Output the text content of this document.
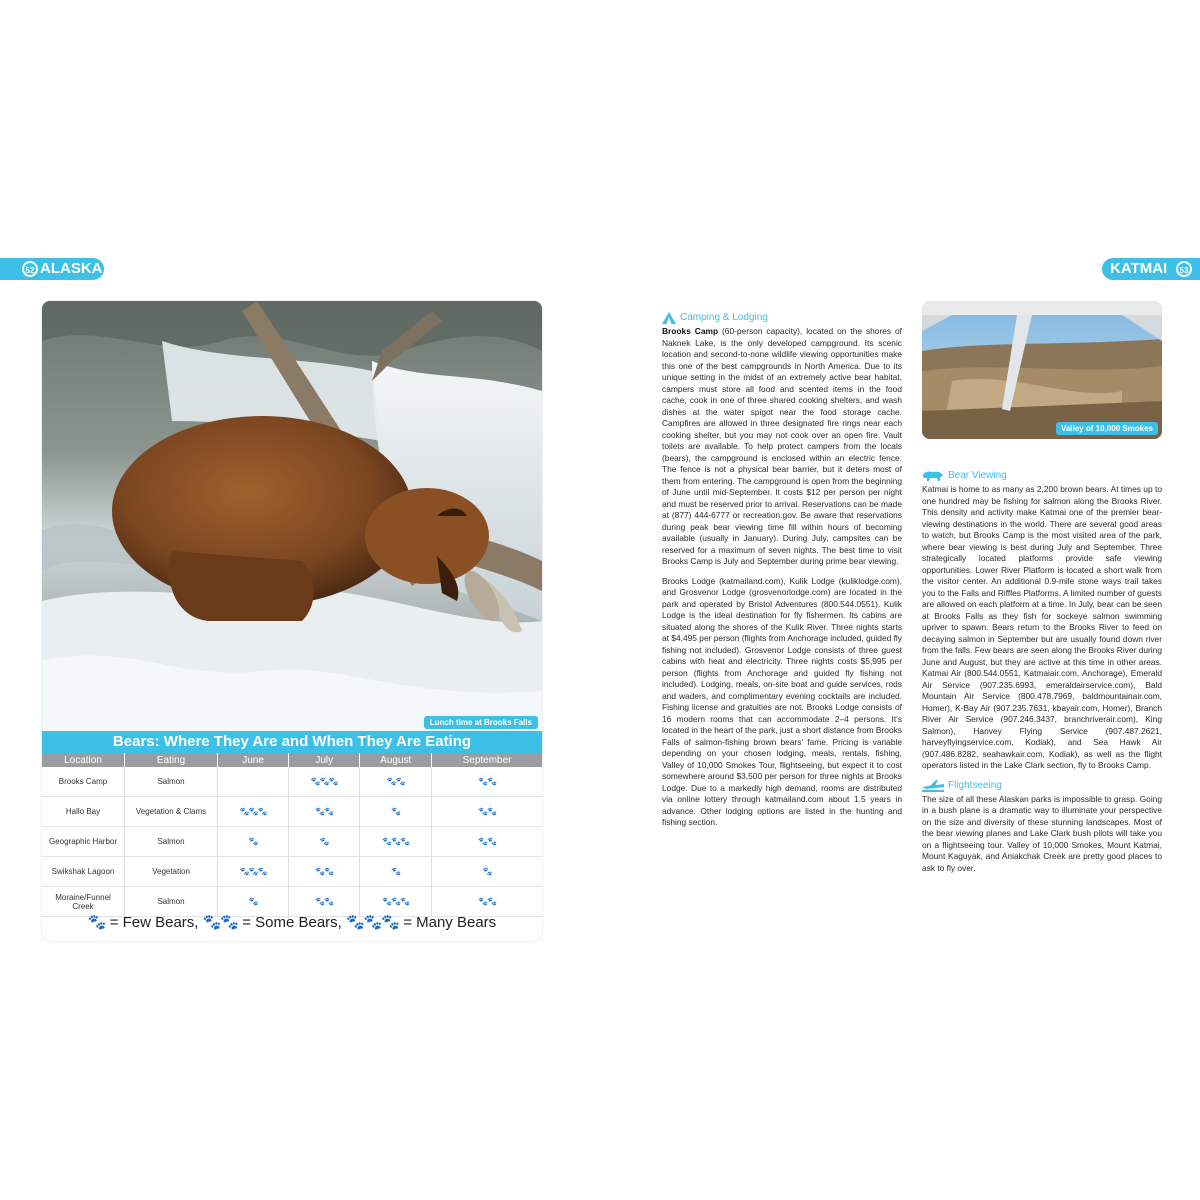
52 ALASKA	KATMAI	53
Lunch time at Brooks Falls
Bears: Where They Are and When They Are Eating
Location	Eating	June	July	August	September
Brooks Camp	Salmon		🐾🐾🐾	🐾🐾	🐾🐾
Hallo Bay	Vegetation & Clams	🐾🐾🐾	🐾🐾	🐾	🐾🐾
Geographic Harbor	Salmon	🐾	🐾	🐾🐾🐾	🐾🐾
Swikshak Lagoon	Vegetation	🐾🐾🐾	🐾🐾	🐾	🐾
Moraine/Funnel Creek	Salmon	🐾	🐾🐾	🐾🐾🐾	🐾🐾
🐾 = Few Bears, 🐾🐾 = Some Bears, 🐾🐾🐾 = Many Bears
Camping & Lodging

Brooks Camp (60-person capacity), located on the shores of Naknek Lake, is the only developed campground. Its scenic location and second-to-none wildlife viewing opportunities make this one of the best campgrounds in North America. Due to its unique setting in the midst of an extremely active bear habitat, campers must store all food and scented items in the food cache, cook in one of three shared cooking shelters, and wash dishes at the water spigot near the food storage cache. Campfires are allowed in three designated fire rings near each cooking shelter, but you may not cook over an open fire. Vault toilets are available. To help protect campers from the locals (bears), the campground is enclosed within an electric fence. The fence is not a physical bear barrier, but it deters most of them from entering. The campground is open from the beginning of June until mid-September. It costs $12 per person per night and must be reserved prior to arrival. Reservations can be made at (877) 444-6777 or recreation.gov. Be aware that reservations during peak bear viewing time fill within hours of becoming available (usually in January). During July, campsites can be reserved for a maximum of seven nights. The best time to visit Brooks Camp is July and September during prime bear viewing.

Brooks Lodge (katmailand.com), Kulik Lodge (kuliklodge.com), and Grosvenor Lodge (grosvenorlodge.com) are located in the park and operated by Bristol Adventures (800.544.0551). Kulik Lodge is the ideal destination for fly fishermen. Its cabins are situated along the shores of the Kulik River. Three nights starts at $4,495 per person (flights from Anchorage included, guided fly fishing not included). Grosvenor Lodge consists of three guest cabins with heat and electricity. Three nights costs $5,995 per person (flights from Anchorage and guided fly fishing not included). Lodging, meals, on-site boat and guide services, rods and waders, and complimentary evening cocktails are included. Fishing license and gratuities are not. Brooks Lodge consists of 16 modern rooms that can accommodate 2–4 persons. It's located in the heart of the park, just a short distance from Brooks Falls of salmon-fishing brown bears' fame. Pricing is variable depending on your chosen lodging, meals, rentals, fishing, Valley of 10,000 Smokes Tour, flightseeing, but expect it to cost somewhere around $3,500 per person for three nights at Brooks Lodge. Due to a markedly high demand, rooms are distributed via online lottery through katmailand.com about 1.5 years in advance. Other lodging options are listed in the hunting and fishing section.

Valley of 10,000 Smokes
Bear Viewing

Katmai is home to as many as 2,200 brown bears. At times up to one hundred may be fishing for salmon along the Brooks River. This density and activity make Katmai one of the premier bear-viewing destinations in the world. There are several good areas to watch, but Brooks Camp is the most visited area of the park, where bear viewing is best during July and September. Three strategically located platforms provide safe viewing opportunities. Lower River Platform is located a short walk from the visitor center. An additional 0.9-mile stone ways trail takes you to the Falls and Riffles Platforms. A limited number of guests are allowed on each platform at a time. In July, bear can be seen at Brooks Falls as they fish for sockeye salmon swimming upriver to spawn. Bears return to the Brooks River to feed on decaying salmon in September but are usually found down river from the falls. Few bears are seen along the Brooks River during June and August, but they are active at this time in other areas. Katmai Air (800.544.0551, Katmaiair.com, Anchorage), Emerald Air Service (907.235.6993, emeraldairservice.com), Bald Mountain Air Service (800.478.7969, baldmountainair.com, Homer), K-Bay Air (907.235.7631, kbayair.com, Homer), Branch River Air Service (907.246.3437, branchriverair.com), King Salmon), Hanvey Flying Service (907.487.2621, harveyflyingservice.com, Kodiak), and Sea Hawk Air (907.486.8282, seahawkair.com, Kodiak), as well as the flight operators listed in the Lake Clark section, fly to Brooks Camp.

Flightseeing

The size of all these Alaskan parks is impossible to grasp. Going in a bush plane is a dramatic way to illuminate your perspective on the size and diversity of these stunning landscapes. Most of the bear viewing planes and Lake Clark bush pilots will take you on a flightseeing tour. Valley of 10,000 Smokes, Mount Katmai, Mount Kaguyak, and Aniakchak Creek are pretty good places to ask to fly over.
